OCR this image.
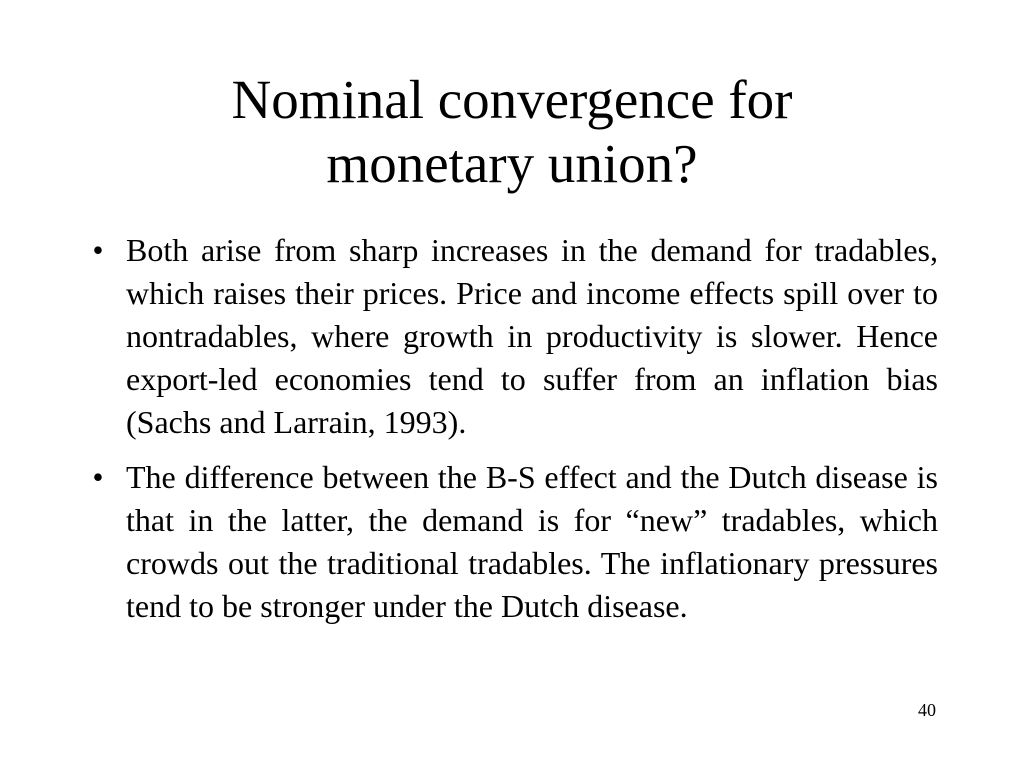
Nominal convergence for
monetary union?
• Both arise from sharp increases in the demand for tradables, which raises their prices. Price and income effects spill over to nontradables, where growth in productivity is slower. Hence export-led economies tend to suffer from an inflation bias (Sachs and Larrain, 1993).
• The difference between the B-S effect and the Dutch disease is that in the latter, the demand is for “new” tradables, which crowds out the traditional tradables. The inflationary pressures tend to be stronger under the Dutch disease.
40
